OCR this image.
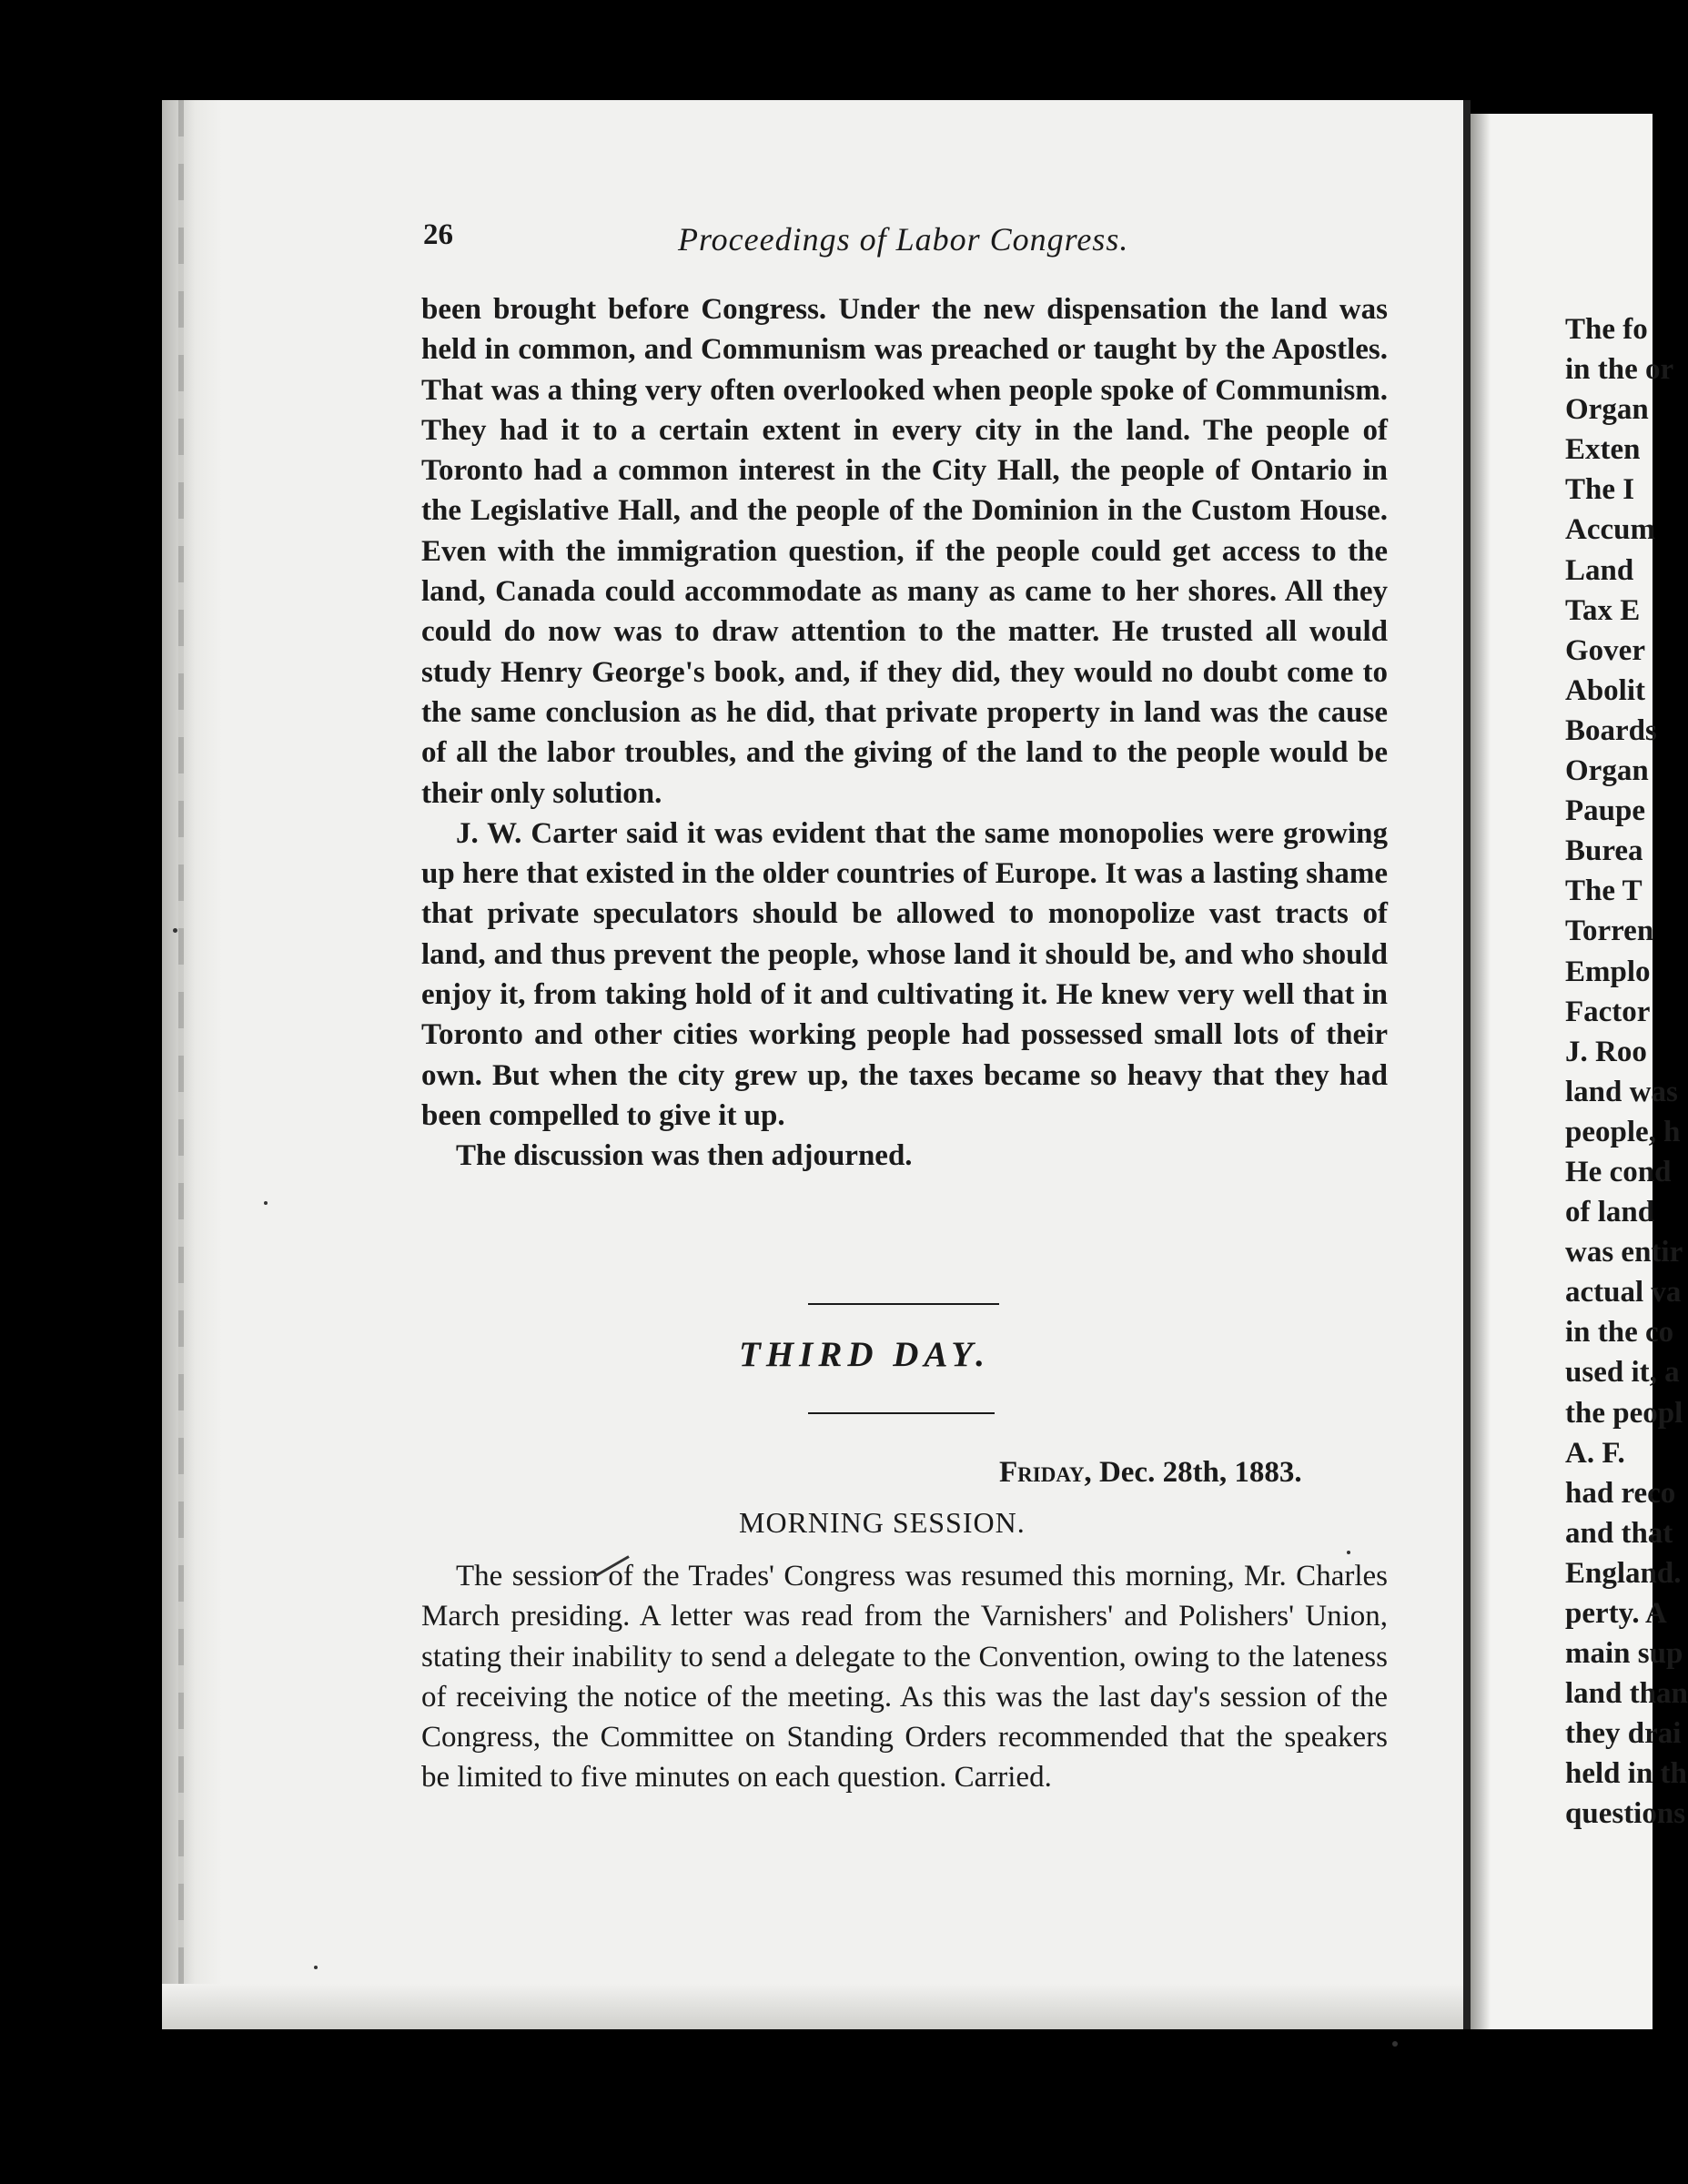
26	Proceedings of Labor Congress.

been brought before Congress. Under the new dispensation the land was held in common, and Communism was preached or taught by the Apostles. That was a thing very often overlooked when people spoke of Communism. They had it to a certain extent in every city in the land. The people of Toronto had a common interest in the City Hall, the people of Ontario in the Legislative Hall, and the people of the Dominion in the Custom House. Even with the immigration question, if the people could get access to the land, Canada could accommodate as many as came to her shores. All they could do now was to draw attention to the matter. He trusted all would study Henry George's book, and, if they did, they would no doubt come to the same conclusion as he did, that private property in land was the cause of all the labor troubles, and the giving of the land to the people would be their only solution.

J. W. Carter said it was evident that the same monopolies were growing up here that existed in the older countries of Europe. It was a lasting shame that private speculators should be allowed to monopolize vast tracts of land, and thus prevent the people, whose land it should be, and who should enjoy it, from taking hold of it and cultivating it. He knew very well that in Toronto and other cities working people had possessed small lots of their own. But when the city grew up, the taxes became so heavy that they had been compelled to give it up.

The discussion was then adjourned.

THIRD DAY.
Friday, Dec. 28th, 1883.
MORNING SESSION.

The session of the Trades' Congress was resumed this morning, Mr. Charles March presiding. A letter was read from the Varnishers' and Polishers' Union, stating their inability to send a delegate to the Convention, owing to the lateness of receiving the notice of the meeting. As this was the last day's session of the Congress, the Committee on Standing Orders recommended that the speakers be limited to five minutes on each question. Carried.

The fo
in the or
Organ
Exten
The I
Accum
Land
Tax E
Gover
Abolit
Boards
Organ
Paupe
Burea
The T
Torren
Emplo
Factor
J. Roo
land was
people, h
He cond
of land
was entir
actual va
in the co
used it, a
the peopl
A. F.
had reco
and that
England.
perty. A
main sup
land than
they drai
held in th
questions
